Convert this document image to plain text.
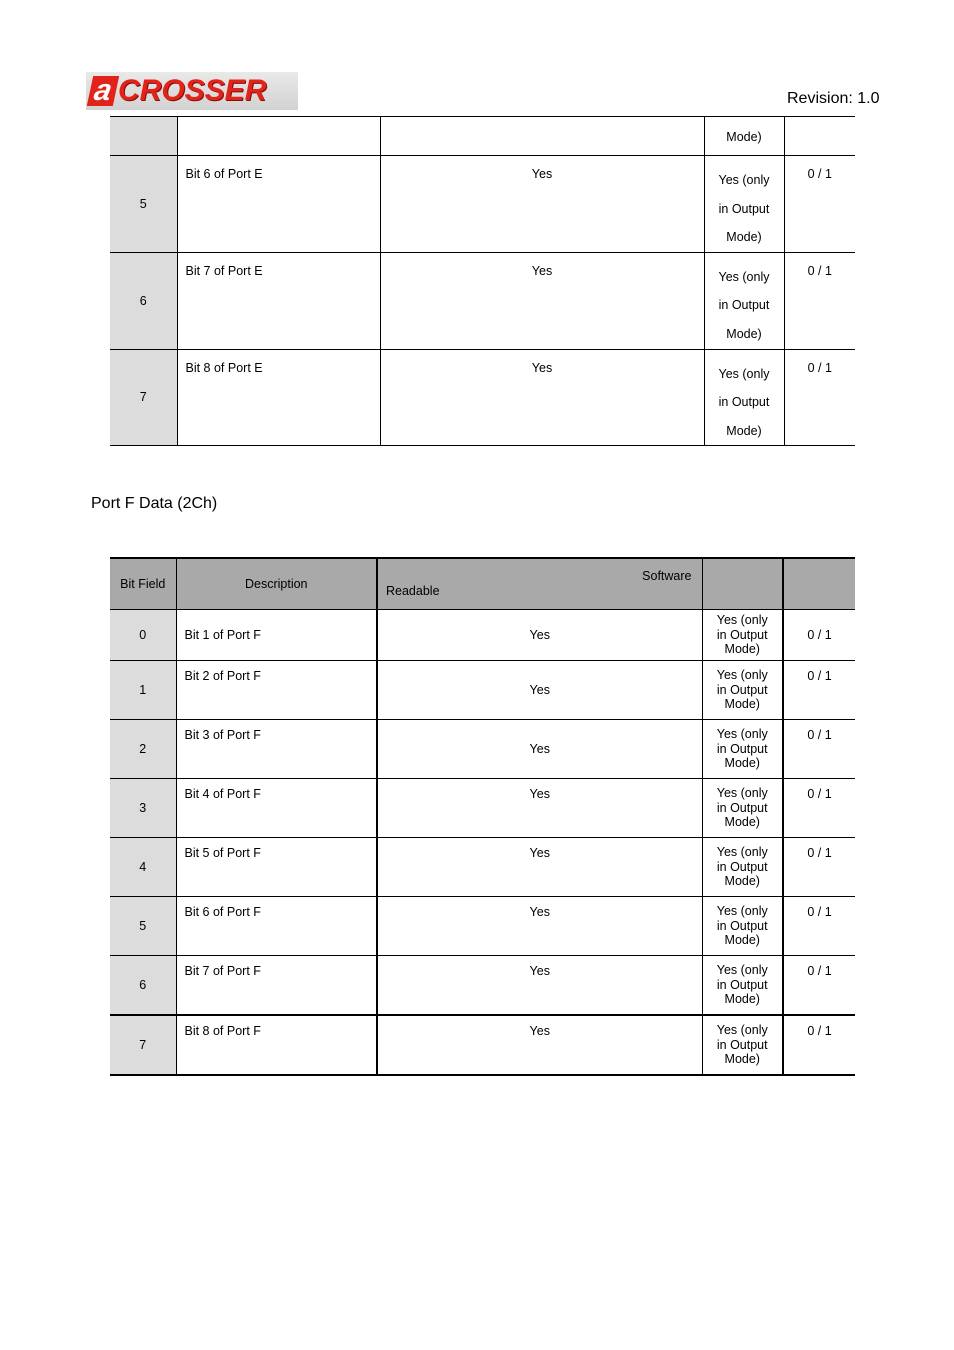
a CROSSER	Revision: 1.0

			Mode)	

5	Bit 6 of Port E	Yes	Yes (only
in Output
Mode)	0 / 1
6	Bit 7 of Port E	Yes	Yes (only
in Output
Mode)	0 / 1
7	Bit 8 of Port E	Yes	Yes (only
in Output
Mode)	0 / 1
Port F Data (2Ch)
Bit Field	Description	Software
Readable		

0	Bit 1 of Port F	Yes	Yes (only
in Output
Mode)	0 / 1
1	Bit 2 of Port F	Yes	Yes (only
in Output
Mode)	0 / 1
2	Bit 3 of Port F	Yes	Yes (only
in Output
Mode)	0 / 1
3	Bit 4 of Port F	Yes	Yes (only
in Output
Mode)	0 / 1
4	Bit 5 of Port F	Yes	Yes (only
in Output
Mode)	0 / 1
5	Bit 6 of Port F	Yes	Yes (only
in Output
Mode)	0 / 1
6	Bit 7 of Port F	Yes	Yes (only
in Output
Mode)	0 / 1
7	Bit 8 of Port F	Yes	Yes (only
in Output
Mode)	0 / 1
